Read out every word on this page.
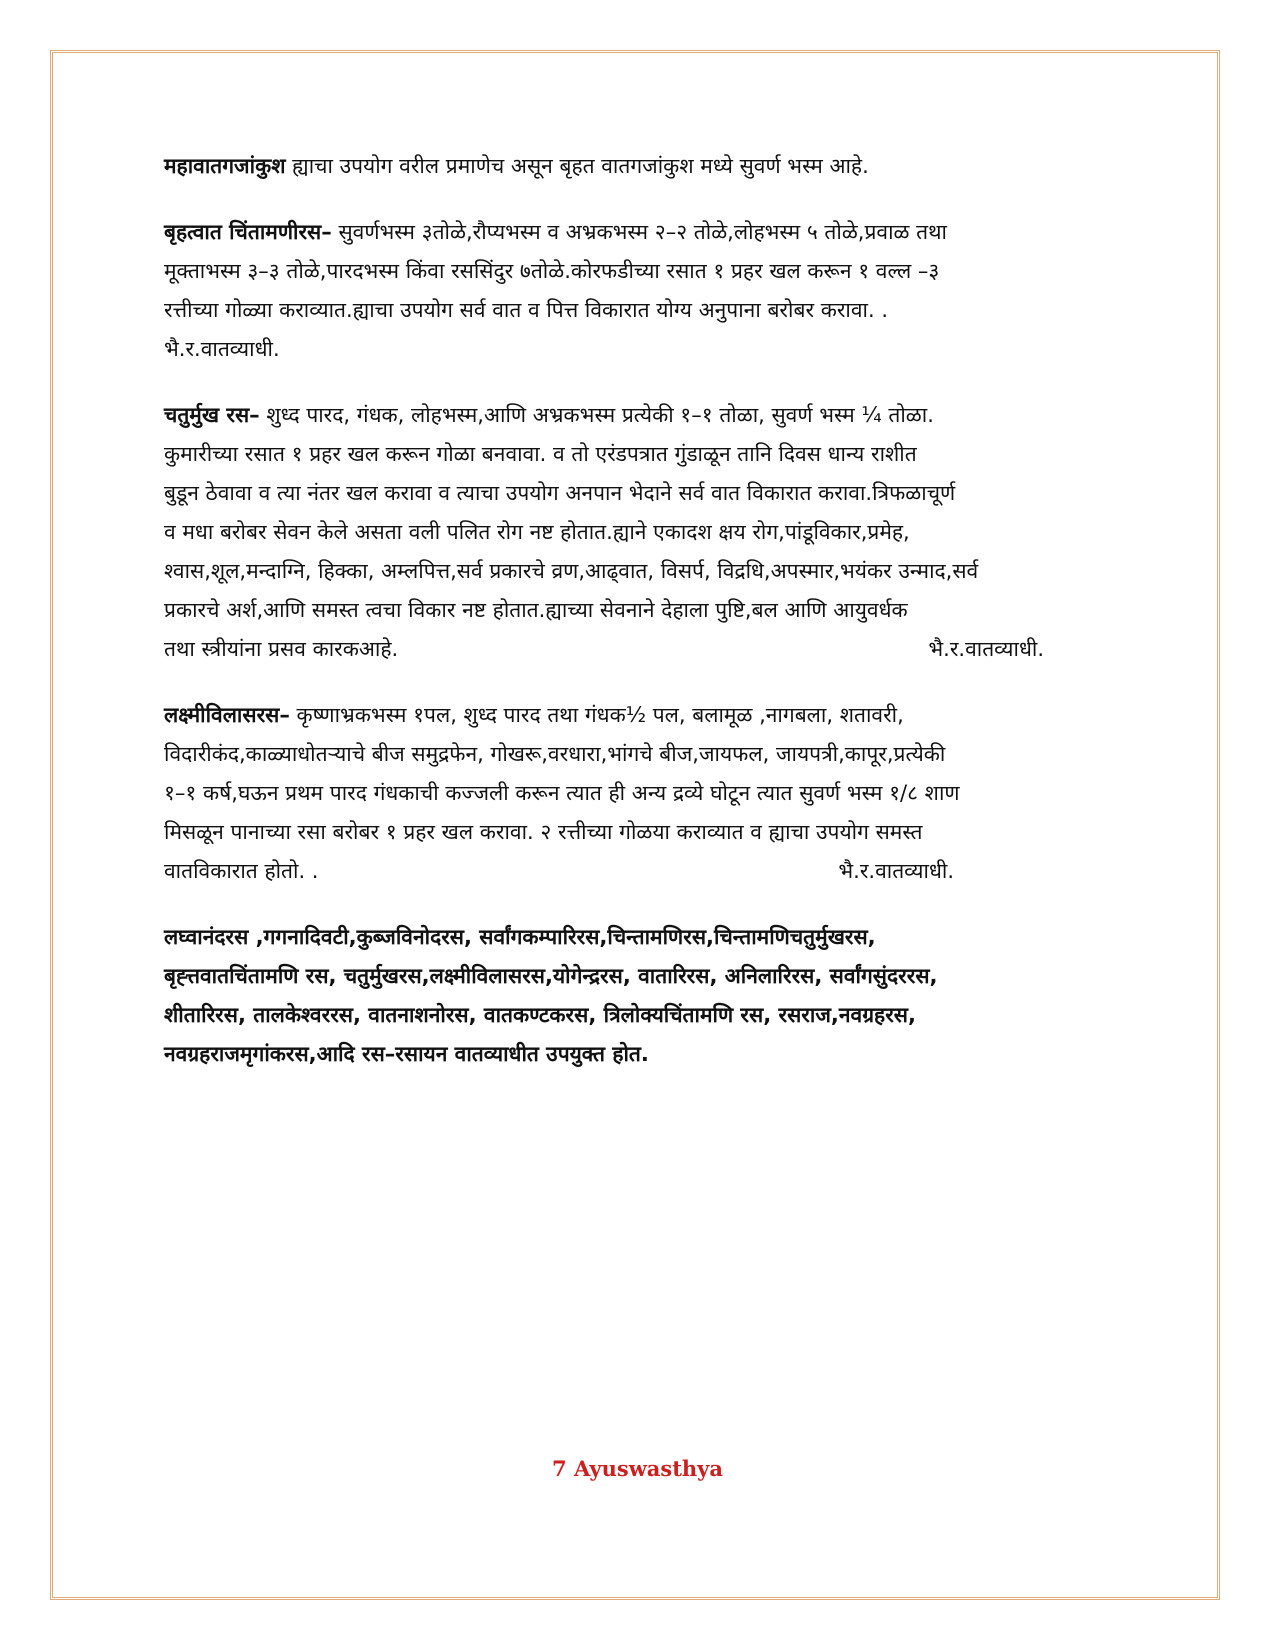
महावातगजांकुश ह्याचा उपयोग वरील प्रमाणेच असून बृहत वातगजांकुश मध्ये सुवर्ण भस्म आहे.

बृहत्वात चिंतामणीरस– सुवर्णभस्म ३तोळे,रौप्यभस्म व अभ्रकभस्म २–२ तोळे,लोहभस्म ५ तोळे,प्रवाळ तथा
मूक्ताभस्म ३–३ तोळे,पारदभस्म किंवा रससिंदुर ७तोळे.कोरफडीच्या रसात १ प्रहर खल करून १ वल्ल –३
रत्तीच्या गोळ्या कराव्यात.ह्याचा उपयोग सर्व वात व पित्त विकारात योग्य अनुपाना बरोबर करावा. .
भै.र.वातव्याधी.

चतुर्मुख रस– शुध्द पारद, गंधक, लोहभस्म,आणि अभ्रकभस्म प्रत्येकी १–१ तोळा, सुवर्ण भस्म ¼ तोळा.
कुमारीच्या रसात १ प्रहर खल करून गोळा बनवावा. व तो एरंडपत्रात गुंडाळून तानि दिवस धान्य राशीत
बुडून ठेवावा व त्या नंतर खल करावा व त्याचा उपयोग अनपान भेदाने सर्व वात विकारात करावा.त्रिफळाचूर्ण
व मधा बरोबर सेवन केले असता वली पलित रोग नष्ट होतात.ह्याने एकादश क्षय रोग,पांडूविकार,प्रमेह,
श्वास,शूल,मन्दाग्नि, हिक्का, अम्लपित्त,सर्व प्रकारचे व्रण,आढ्वात, विसर्प, विद्रधि,अपस्मार,भयंकर उन्माद,सर्व
प्रकारचे अर्श,आणि समस्त त्वचा विकार नष्ट होतात.ह्याच्या सेवनाने देहाला पुष्टि,बल आणि आयुवर्धक
तथा स्त्रीयांना प्रसव कारकआहे.	भै.र.वातव्याधी.

लक्ष्मीविलासरस– कृष्णाभ्रकभस्म १पल, शुध्द पारद तथा गंधक½ पल, बलामूळ ,नागबला, शतावरी,
विदारीकंद,काळ्याधोतऱ्याचे बीज समुद्रफेन, गोखरू,वरधारा,भांगचे बीज,जायफल, जायपत्री,कापूर,प्रत्येकी
१–१ कर्ष,घऊन प्रथम पारद गंधकाची कज्जली करून त्यात ही अन्य द्रव्ये घोटून त्यात सुवर्ण भस्म १/८ शाण
मिसळून पानाच्या रसा बरोबर १ प्रहर खल करावा. २ रत्तीच्या गोळया कराव्यात व ह्याचा उपयोग समस्त
वातविकारात होतो. .	भै.र.वातव्याधी.

लघ्वानंदरस ,गगनादिवटी,कुब्जविनोदरस, सर्वांगकम्पारिरस,चिन्तामणिरस,चिन्तामणिचतुर्मुखरस,
बृह्त्तवातचिंतामणि रस, चतुर्मुखरस,लक्ष्मीविलासरस,योगेन्द्ररस, वातारिरस, अनिलारिरस, सर्वांगसुंदररस,
शीतारिरस, तालकेश्वररस, वातनाशनोरस, वातकण्टकरस, त्रिलोक्यचिंतामणि रस, रसराज,नवग्रहरस,
नवग्रहराजमृगांकरस,आदि रस–रसायन वातव्याधीत उपयुक्त होत.

7 Ayuswasthya
